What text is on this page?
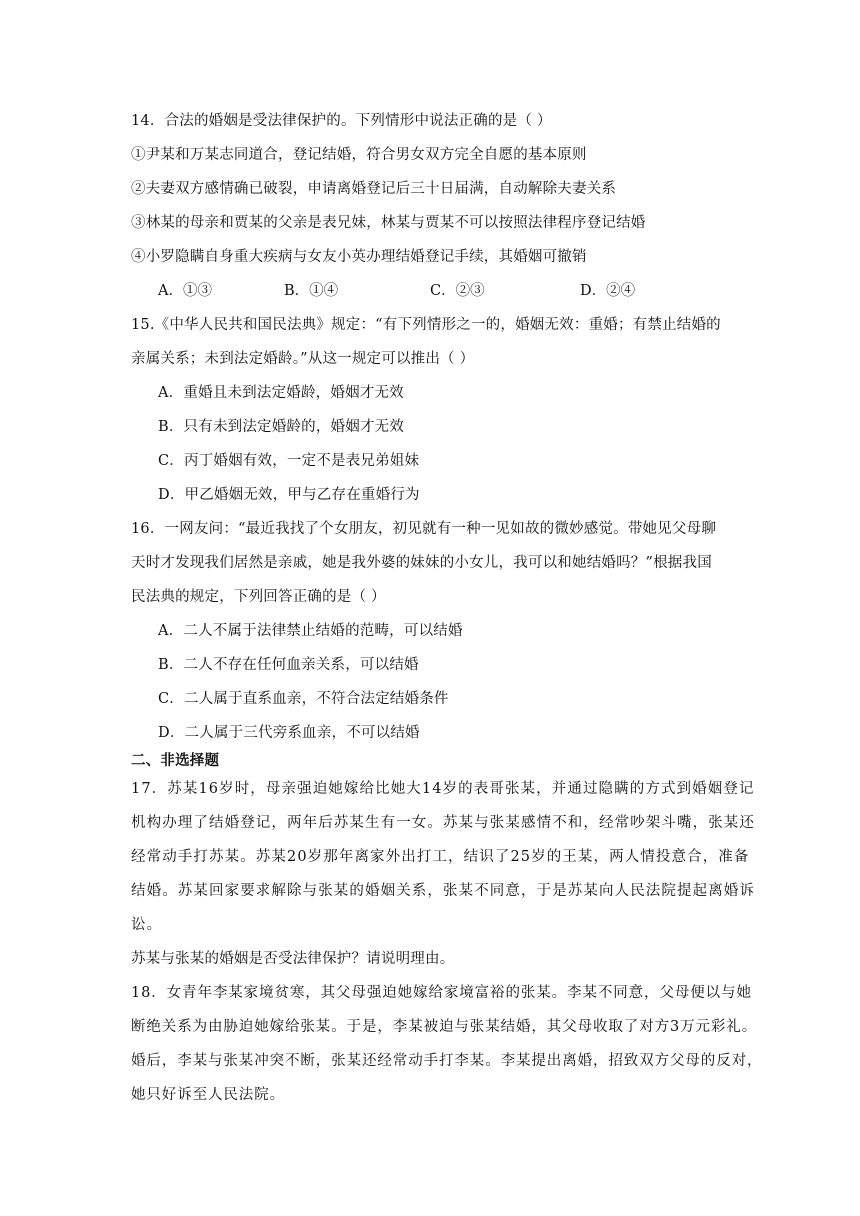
14．合法的婚姻是受法律保护的。下列情形中说法正确的是（ ）
①尹某和万某志同道合，登记结婚，符合男女双方完全自愿的基本原则
②夫妻双方感情确已破裂，申请离婚登记后三十日届满，自动解除夫妻关系
③林某的母亲和贾某的父亲是表兄妹，林某与贾某不可以按照法律程序登记结婚
④小罗隐瞒自身重大疾病与女友小英办理结婚登记手续，其婚姻可撤销
A．①③	B．①④	C．②③	D．②④
15.《中华人民共和国民法典》规定：“有下列情形之一的，婚姻无效：重婚；有禁止结婚的
亲属关系；未到法定婚龄。”从这一规定可以推出（ ）
A．重婚且未到法定婚龄，婚姻才无效
B．只有未到法定婚龄的，婚姻才无效
C．丙丁婚姻有效，一定不是表兄弟姐妹
D．甲乙婚姻无效，甲与乙存在重婚行为
16．一网友问：“最近我找了个女朋友，初见就有一种一见如故的微妙感觉。带她见父母聊
天时才发现我们居然是亲戚，她是我外婆的妹妹的小女儿，我可以和她结婚吗？”根据我国
民法典的规定，下列回答正确的是（ ）
A．二人不属于法律禁止结婚的范畴，可以结婚
B．二人不存在任何血亲关系，可以结婚
C．二人属于直系血亲，不符合法定结婚条件
D．二人属于三代旁系血亲，不可以结婚
二、非选择题
17．苏某16岁时，母亲强迫她嫁给比她大14岁的表哥张某，并通过隐瞒的方式到婚姻登记
机构办理了结婚登记，两年后苏某生有一女。苏某与张某感情不和，经常吵架斗嘴，张某还
经常动手打苏某。苏某20岁那年离家外出打工，结识了25岁的王某，两人情投意合，准备
结婚。苏某回家要求解除与张某的婚姻关系，张某不同意，于是苏某向人民法院提起离婚诉
讼。
苏某与张某的婚姻是否受法律保护？请说明理由。
18．女青年李某家境贫寒，其父母强迫她嫁给家境富裕的张某。李某不同意，父母便以与她
断绝关系为由胁迫她嫁给张某。于是，李某被迫与张某结婚，其父母收取了对方3万元彩礼。
婚后，李某与张某冲突不断，张某还经常动手打李某。李某提出离婚，招致双方父母的反对，
她只好诉至人民法院。
